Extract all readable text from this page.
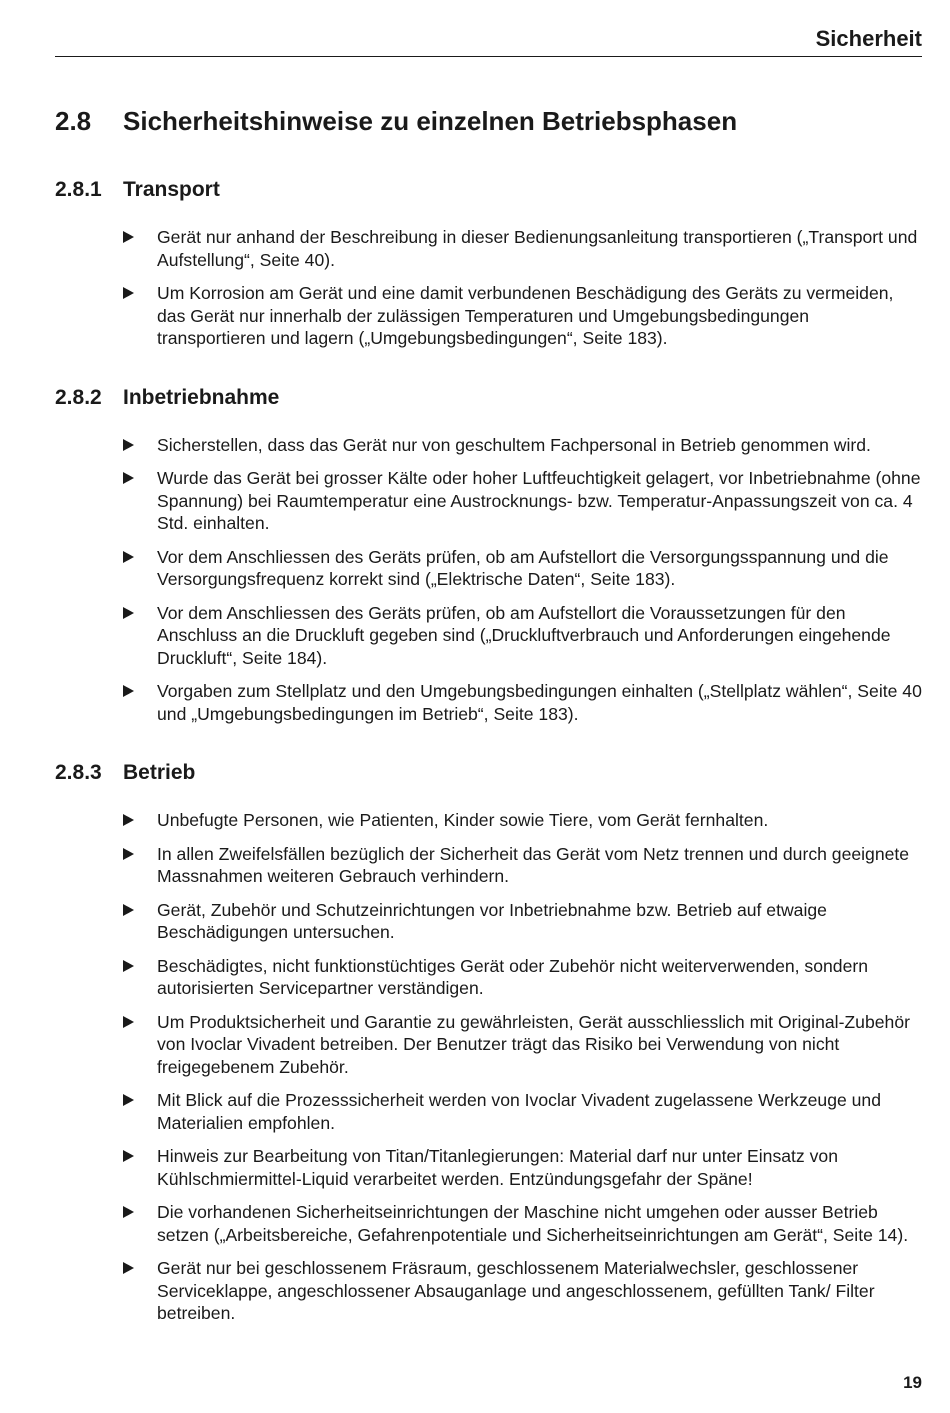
Sicherheit
2.8	Sicherheitshinweise zu einzelnen Betriebsphasen
2.8.1	Transport
Gerät nur anhand der Beschreibung in dieser Bedienungsanleitung transportieren („Transport und Aufstellung“, Seite 40).
Um Korrosion am Gerät und eine damit verbundenen Beschädigung des Geräts zu vermeiden, das Gerät nur innerhalb der zulässigen Temperaturen und Umgebungsbedingungen transportieren und lagern („Umgebungsbedingungen“, Seite 183).
2.8.2	Inbetriebnahme
Sicherstellen, dass das Gerät nur von geschultem Fachpersonal in Betrieb genommen wird.
Wurde das Gerät bei grosser Kälte oder hoher Luftfeuchtigkeit gelagert, vor Inbetriebnahme (ohne Spannung) bei Raumtemperatur eine Austrocknungs- bzw. Temperatur-Anpassungszeit von ca. 4 Std. einhalten.
Vor dem Anschliessen des Geräts prüfen, ob am Aufstellort die Versorgungsspannung und die Versorgungsfrequenz korrekt sind („Elektrische Daten“, Seite 183).
Vor dem Anschliessen des Geräts prüfen, ob am Aufstellort die Voraussetzungen für den Anschluss an die Druckluft gegeben sind („Druckluftverbrauch und Anforderungen eingehende Druckluft“, Seite 184).
Vorgaben zum Stellplatz und den Umgebungsbedingungen einhalten („Stellplatz wählen“, Seite 40 und „Umgebungsbedingungen im Betrieb“, Seite 183).
2.8.3	Betrieb
Unbefugte Personen, wie Patienten, Kinder sowie Tiere, vom Gerät fernhalten.
In allen Zweifelsfällen bezüglich der Sicherheit das Gerät vom Netz trennen und durch geeignete Massnahmen weiteren Gebrauch verhindern.
Gerät, Zubehör und Schutzeinrichtungen vor Inbetriebnahme bzw. Betrieb auf etwaige Beschädigungen untersuchen.
Beschädigtes, nicht funktionstüchtiges Gerät oder Zubehör nicht weiterverwenden, sondern autorisierten Servicepartner verständigen.
Um Produktsicherheit und Garantie zu gewährleisten, Gerät ausschliesslich mit Original-Zubehör von Ivoclar Vivadent betreiben. Der Benutzer trägt das Risiko bei Verwendung von nicht freigegebenem Zubehör.
Mit Blick auf die Prozesssicherheit werden von Ivoclar Vivadent zugelassene Werkzeuge und Materialien empfohlen.
Hinweis zur Bearbeitung von Titan/Titanlegierungen: Material darf nur unter Einsatz von Kühlschmiermittel-Liquid verarbeitet werden. Entzündungsgefahr der Späne!
Die vorhandenen Sicherheitseinrichtungen der Maschine nicht umgehen oder ausser Betrieb setzen („Arbeitsbereiche, Gefahrenpotentiale und Sicherheitseinrichtungen am Gerät“, Seite 14).
Gerät nur bei geschlossenem Fräsraum, geschlossenem Materialwechsler, geschlossener Serviceklappe, angeschlossener Absauganlage und angeschlossenem, gefüllten Tank/ Filter betreiben.
19
